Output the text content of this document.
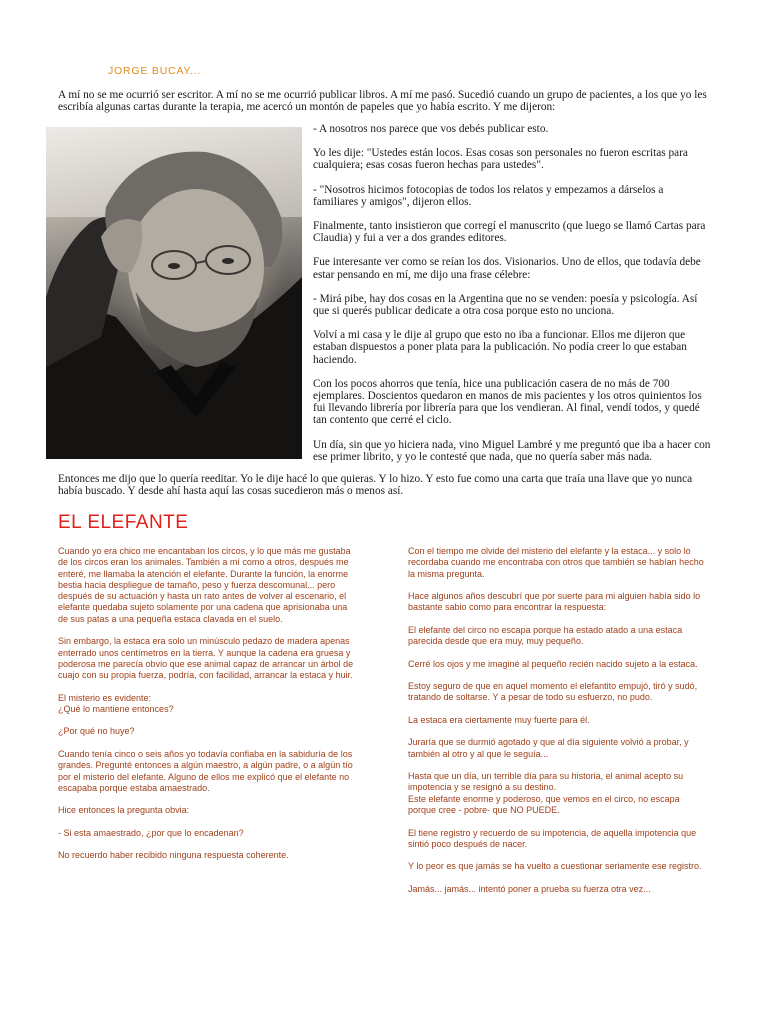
JORGE BUCAY...

A mí no se me ocurrió ser escritor. A mí no se me ocurrió publicar libros. A mí me pasó. Sucedió cuando un grupo de pacientes, a los que yo les escribía algunas cartas durante la terapia, me acercó un montón de papeles que yo había escrito. Y me dijeron:

- A nosotros nos parece que vos debés publicar esto.

Yo les dije: "Ustedes están locos. Esas cosas son personales no fueron escritas para cualquiera; esas cosas fueron hechas para ustedes".

- "Nosotros hicimos fotocopias de todos los relatos y empezamos a dárselos a familiares y amigos", dijeron ellos.

Finalmente, tanto insistieron que corregí el manuscrito (que luego se llamó Cartas para Claudia) y fui a ver a dos grandes editores.

Fue interesante ver como se reían los dos. Visionarios. Uno de ellos, que todavía debe estar pensando en mí, me dijo una frase célebre:

- Mirá pibe, hay dos cosas en la Argentina que no se venden: poesía y psicología. Así que si querés publicar dedicate a otra cosa porque esto no unciona.

Volví a mi casa y le dije al grupo que esto no iba a funcionar. Ellos me dijeron que estaban dispuestos a poner plata para la publicación. No podía creer lo que estaban haciendo.

Con los pocos ahorros que tenía, hice una publicación casera de no más de 700 ejemplares. Doscientos quedaron en manos de mis pacientes y los otros quinientos los fui llevando librería por librería para que los vendieran. Al final, vendí todos, y quedé tan contento que cerré el ciclo.

Un día, sin que yo hiciera nada, vino Miguel Lambré y me preguntó que iba a hacer con ese primer librito, y yo le contesté que nada, que no quería saber más nada.

Entonces me dijo que lo quería reeditar. Yo le dije hacé lo que quieras. Y lo hizo. Y esto fue como una carta que traía una llave que yo nunca había buscado. Y desde ahí hasta aquí las cosas sucedieron más o menos así.

EL ELEFANTE

Cuando yo era chico me encantaban los circos, y lo que más me gustaba de los circos eran los animales. También a mí como a otros, después me enteré, me llamaba la atención el elefante. Durante la función, la enorme bestia hacia despliegue de tamaño, peso y fuerza descomunal... pero después de su actuación y hasta un rato antes de volver al escenario, el elefante quedaba sujeto solamente por una cadena que aprisionaba una de sus patas a una pequeña estaca clavada en el suelo.

Sin embargo, la estaca era solo un minúsculo pedazo de madera apenas enterrado unos centímetros en la tierra. Y aunque la cadena era gruesa y poderosa me parecía obvio que ese animal capaz de arrancar un árbol de cuajo con su propia fuerza, podría, con facilidad, arrancar la estaca y huir.

El misterio es evidente:
¿Qué lo mantiene entonces?

¿Por qué no huye?

Cuando tenía cinco o seis años yo todavía confiaba en la sabiduría de los grandes. Pregunté entonces a algún maestro, a algún padre, o a algún tío por el misterio del elefante. Alguno de ellos me explicó que el elefante no escapaba porque estaba amaestrado.

Hice entonces la pregunta obvia:

- Si esta amaestrado, ¿por que lo encadenan?

No recuerdo haber recibido ninguna respuesta coherente.

Con el tiempo me olvide del misterio del elefante y la estaca... y solo lo recordaba cuando me encontraba con otros que también se habían hecho la misma pregunta.

Hace algunos años descubrí que por suerte para mi alguien había sido lo bastante sabio como para encontrar la respuesta:

El elefante del circo no escapa porque ha estado atado a una estaca parecida desde que era muy, muy pequeño.

Cerré los ojos y me imaginé al pequeño recién nacido sujeto a la estaca.

Estoy seguro de que en aquel momento el elefantito empujó, tiró y sudó, tratando de soltarse. Y a pesar de todo su esfuerzo, no pudo.

La estaca era ciertamente muy fuerte para él.

Juraría que se durmió agotado y que al día siguiente volvió a probar, y también al otro y al que le seguía...

Hasta que un día, un terrible día para su historia, el animal acepto su impotencia y se resignó a su destino.
Este elefante enorme y poderoso, que vemos en el circo, no escapa porque cree - pobre- que NO PUEDE.

El tiene registro y recuerdo de su impotencia, de aquella impotencia que sintió poco después de nacer.

Y lo peor es que jamás se ha vuelto a cuestionar seriamente ese registro.

Jamás... jamás... intentó poner a prueba su fuerza otra vez...
